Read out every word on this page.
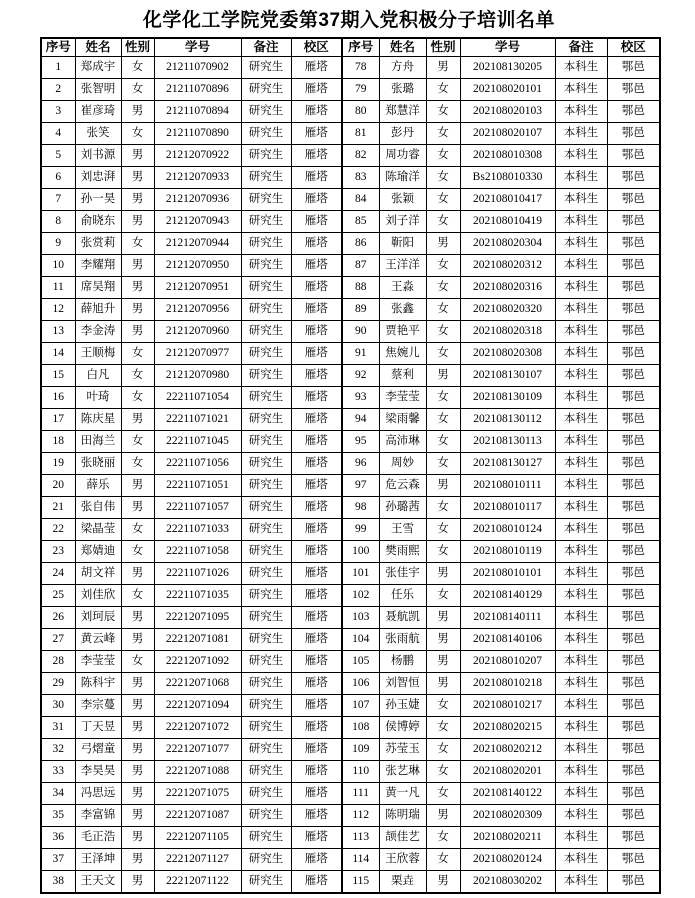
化学化工学院党委第37期入党积极分子培训名单
序号	姓名	性别	学号	备注	校区	序号	姓名	性别	学号	备注	校区
1	郑成宇	女	21211070902	研究生	雁塔	78	方舟	男	202108130205	本科生	鄂邑
2	张智明	女	21211070896	研究生	雁塔	79	张璐	女	202108020101	本科生	鄂邑
3	崔彦琦	男	21211070894	研究生	雁塔	80	郑慧洋	女	202108020103	本科生	鄂邑
4	张笑	女	21211070890	研究生	雁塔	81	彭丹	女	202108020107	本科生	鄂邑
5	刘书源	男	21212070922	研究生	雁塔	82	周功睿	女	202108010308	本科生	鄂邑
6	刘忠湃	男	21212070933	研究生	雁塔	83	陈瑜洋	女	Bs2108010330	本科生	鄂邑
7	孙一昊	男	21212070936	研究生	雁塔	84	张颖	女	202108010417	本科生	鄂邑
8	俞晓东	男	21212070943	研究生	雁塔	85	刘子洋	女	202108010419	本科生	鄂邑
9	张赏莉	女	21212070944	研究生	雁塔	86	靳阳	男	202108020304	本科生	鄂邑
10	李耀翔	男	21212070950	研究生	雁塔	87	王洋洋	女	202108020312	本科生	鄂邑
11	席吴翔	男	21212070951	研究生	雁塔	88	王淼	女	202108020316	本科生	鄂邑
12	薛旭升	男	21212070956	研究生	雁塔	89	张鑫	女	202108020320	本科生	鄂邑
13	李金涛	男	21212070960	研究生	雁塔	90	贾艳平	女	202108020318	本科生	鄂邑
14	王顺梅	女	21212070977	研究生	雁塔	91	焦婉儿	女	202108020308	本科生	鄂邑
15	白凡	女	21212070980	研究生	雁塔	92	蔡利	男	202108130107	本科生	鄂邑
16	叶琦	女	22211071054	研究生	雁塔	93	李莹莹	女	202108130109	本科生	鄂邑
17	陈庆星	男	22211071021	研究生	雁塔	94	梁雨馨	女	202108130112	本科生	鄂邑
18	田海兰	女	22211071045	研究生	雁塔	95	高沛琳	女	202108130113	本科生	鄂邑
19	张晓丽	女	22211071056	研究生	雁塔	96	周妙	女	202108130127	本科生	鄂邑
20	薛乐	男	22211071051	研究生	雁塔	97	危云森	男	202108010111	本科生	鄂邑
21	张自伟	男	22211071057	研究生	雁塔	98	孙璐茜	女	202108010117	本科生	鄂邑
22	梁晶莹	女	22211071033	研究生	雁塔	99	王雪	女	202108010124	本科生	鄂邑
23	郑婧迪	女	22211071058	研究生	雁塔	100	樊雨熙	女	202108010119	本科生	鄂邑
24	胡文祥	男	22211071026	研究生	雁塔	101	张佳宇	男	202108010101	本科生	鄂邑
25	刘佳欣	女	22211071035	研究生	雁塔	102	任乐	女	202108140129	本科生	鄂邑
26	刘珂辰	男	22212071095	研究生	雁塔	103	聂航凯	男	202108140111	本科生	鄂邑
27	黄云峰	男	22212071081	研究生	雁塔	104	张雨航	男	202108140106	本科生	鄂邑
28	李莹莹	女	22212071092	研究生	雁塔	105	杨鹏	男	202108010207	本科生	鄂邑
29	陈科宇	男	22212071068	研究生	雁塔	106	刘智恒	男	202108010218	本科生	鄂邑
30	李宗蔓	男	22212071094	研究生	雁塔	107	孙玉婕	女	202108010217	本科生	鄂邑
31	丁天昱	男	22212071072	研究生	雁塔	108	侯博婷	女	202108020215	本科生	鄂邑
32	弓熠童	男	22212071077	研究生	雁塔	109	苏莹玉	女	202108020212	本科生	鄂邑
33	李昊昊	男	22212071088	研究生	雁塔	110	张艺琳	女	202108020201	本科生	鄂邑
34	冯思远	男	22212071075	研究生	雁塔	111	黄一凡	女	202108140122	本科生	鄂邑
35	李富锦	男	22212071087	研究生	雁塔	112	陈明瑞	男	202108020309	本科生	鄂邑
36	毛正浩	男	22212071105	研究生	雁塔	113	颉佳艺	女	202108020211	本科生	鄂邑
37	王泽坤	男	22212071127	研究生	雁塔	114	王欣蓉	女	202108020124	本科生	鄂邑
38	王天文	男	22212071122	研究生	雁塔	115	栗垚	男	202108030202	本科生	鄂邑
